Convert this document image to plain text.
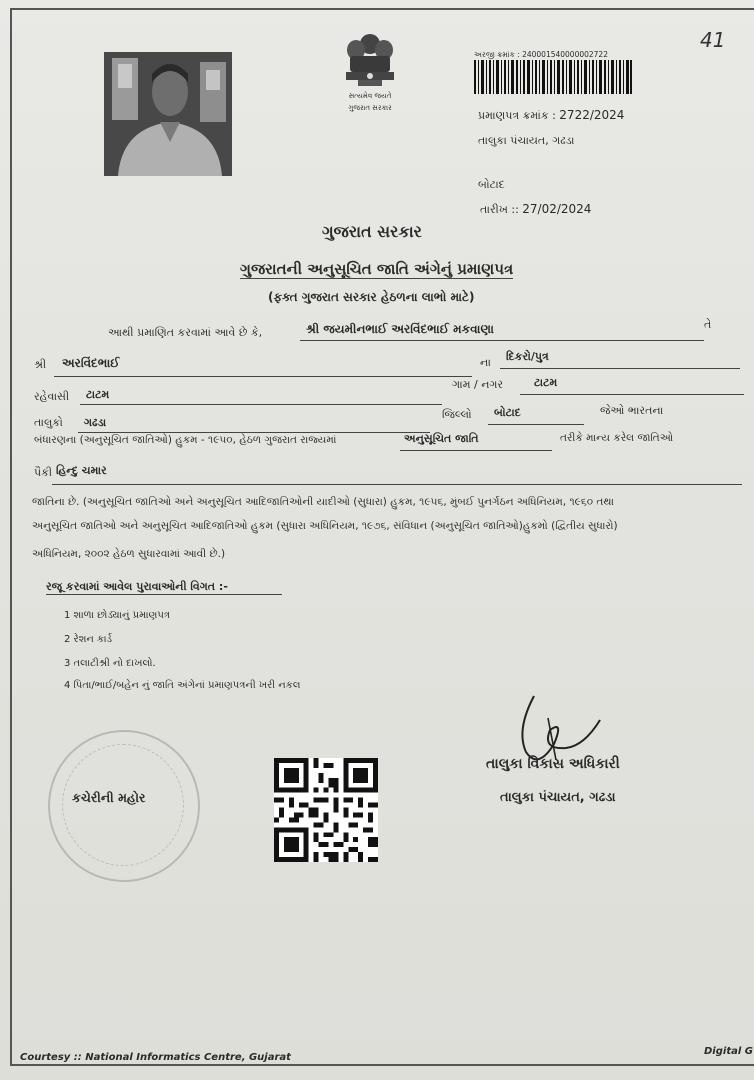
41
સત્યમેવ જયતે
ગુજરાત સરકાર
અરજી ક્રમાંક : 240001540000002722
પ્રમાણપત્ર ક્રમાંક : 2722/2024
તાલુકા પંચાયત, ગઢડા
બોટાદ
તારીખ :: 27/02/2024
ગુજરાત સરકાર
ગુજરાતની અનુસૂચિત જાતિ અંગેનું પ્રમાણપત્ર
(ફક્ત ગુજરાત સરકાર હેઠળના લાભો માટે)
આથી પ્રમાણિત કરવામાં આવે છે કે,	શ્રી જયમીનભાઈ અરવિંદભાઈ મકવાણા	તે
શ્રી અરવિંદભાઈ	ના દિકરો/પુત્ર
રહેવાસી ટાટમ
ગામ / નગર	ટાટમ
તાલુકો ગઢડા
જિલ્લો બોટાદ	જેઓ ભારતના
બંધારણના (અનુસૂચિત જાતિઓ) હુકમ - ૧૯૫૦, હેઠળ ગુજરાત રાજ્યમાં	અનુસૂચિત જાતિ	તરીકે માન્ય કરેલ જાતિઓ
પૈકી હિન્દુ ચમાર
જાતિના છે. (અનુસૂચિત જાતિઓ અને અનુસૂચિત આદિજાતિઓની યાદીઓ (સુધારા) હુકમ, ૧૯૫૬, મુંબઈ પુનર્ગઠન અધિનિયમ, ૧૯૬૦ તથા
અનુસૂચિત જાતિઓ અને અનુસૂચિત આદિજાતિઓ હુકમ (સુધારા અધિનિયમ, ૧૯૭૬, સંવિધાન (અનુસૂચિત જાતિઓ)હુકમો (દ્વિતીય સુધારો)
અધિનિયમ, ૨૦૦૨ હેઠળ સુધારવામાં આવી છે.)
રજૂ કરવામાં આવેલ પુરાવાઓની વિગત :-
1 શાળા છોડ્યાનું પ્રમાણપત્ર
2 રેશન કાર્ડ
3 તલાટીશ્રી નો દાખલો.
4 પિતા/ભાઈ/બહેન નું જાતિ અંગેનાં પ્રમાણપત્રની ખરી નકલ
કચેરીની મહોર
તાલુકા વિકાસ અધિકારી
તાલુકા પંચાયત, ગઢડા
Courtesy :: National Informatics Centre, Gujarat
Digital G
